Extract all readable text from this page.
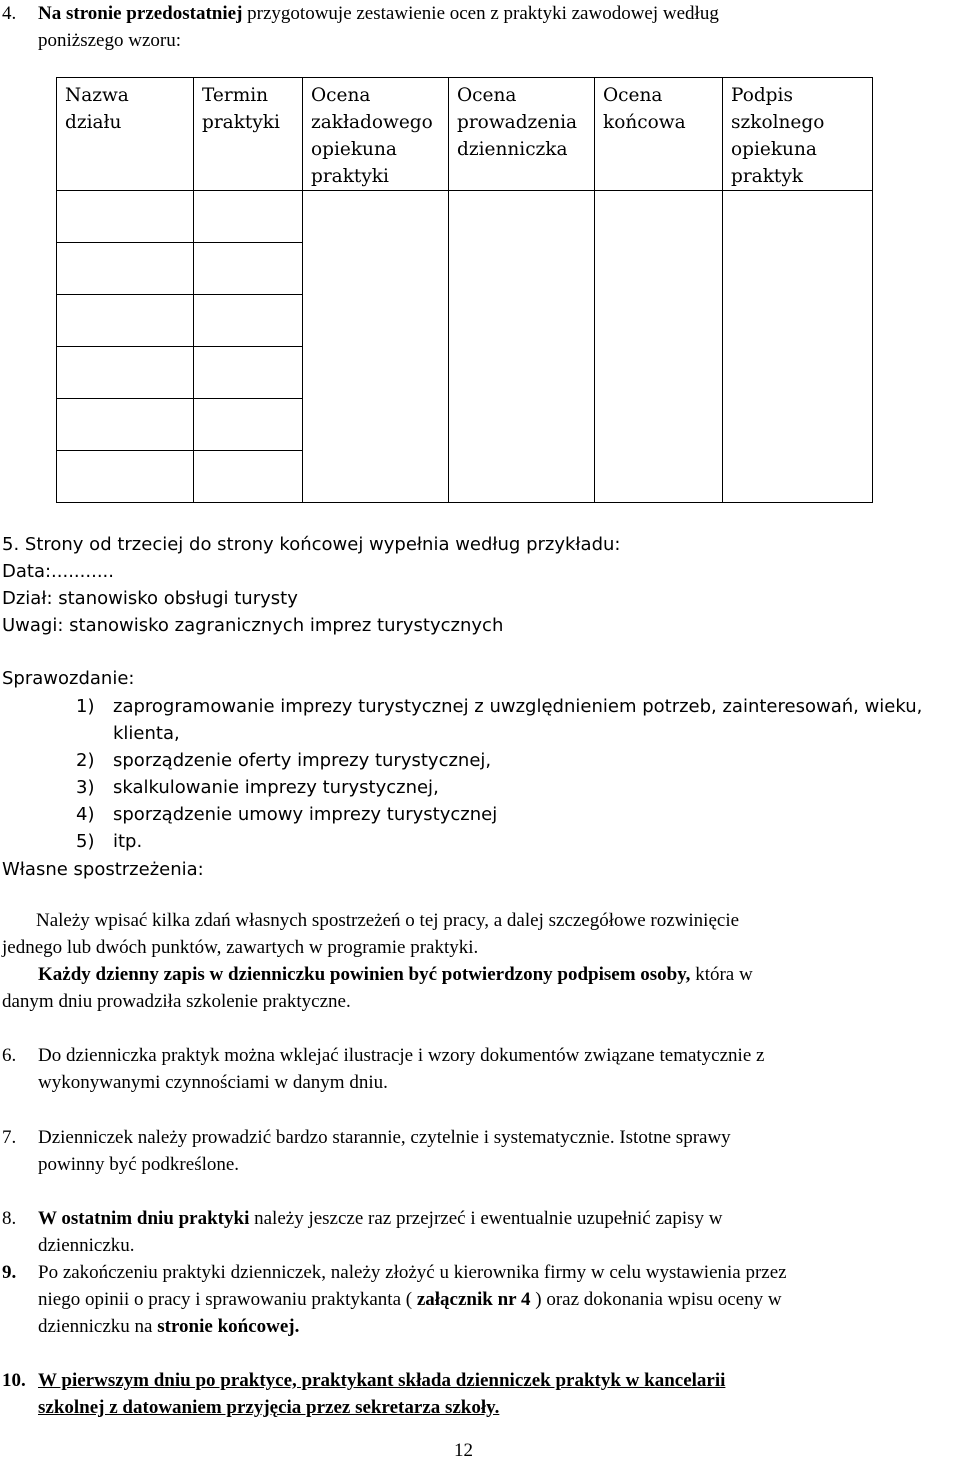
4. Na stronie przedostatniej przygotowuje zestawienie ocen z praktyki zawodowej według
poniższego wzoru:
Nazwa działu	Termin praktyki	Ocena zakładowego opiekuna praktyki	Ocena prowadzenia dzienniczka	Ocena końcowa	Podpis szkolnego opiekuna praktyk

5. Strony od trzeciej do strony końcowej wypełnia według przykładu:
Data:...........
Dział: stanowisko obsługi turysty
Uwagi: stanowisko zagranicznych imprez turystycznych
Sprawozdanie:
1) zaprogramowanie imprezy turystycznej z uwzględnieniem potrzeb, zainteresowań, wieku,
klienta,
2) sporządzenie oferty imprezy turystycznej,
3) skalkulowanie imprezy turystycznej,
4) sporządzenie umowy imprezy turystycznej
5) itp.
Własne spostrzeżenia:
Należy wpisać kilka zdań własnych spostrzeżeń o tej pracy, a dalej szczegółowe rozwinięcie
jednego lub dwóch punktów, zawartych w programie praktyki.
Każdy dzienny zapis w dzienniczku powinien być potwierdzony podpisem osoby, która w
danym dniu prowadziła szkolenie praktyczne.
6. Do dzienniczka praktyk można wklejać ilustracje i wzory dokumentów związane tematycznie z
wykonywanymi czynnościami w danym dniu.
7. Dzienniczek należy prowadzić bardzo starannie, czytelnie i systematycznie. Istotne sprawy
powinny być podkreślone.
8. W ostatnim dniu praktyki należy jeszcze raz przejrzeć i ewentualnie uzupełnić zapisy w
dzienniczku.
9. Po zakończeniu praktyki dzienniczek, należy złożyć u kierownika firmy w celu wystawienia przez
niego opinii o pracy i sprawowaniu praktykanta ( załącznik nr 4 ) oraz dokonania wpisu oceny w
dzienniczku na stronie końcowej.
10. W pierwszym dniu po praktyce, praktykant składa dzienniczek praktyk w kancelarii
szkolnej z datowaniem przyjęcia przez sekretarza szkoły.
12
